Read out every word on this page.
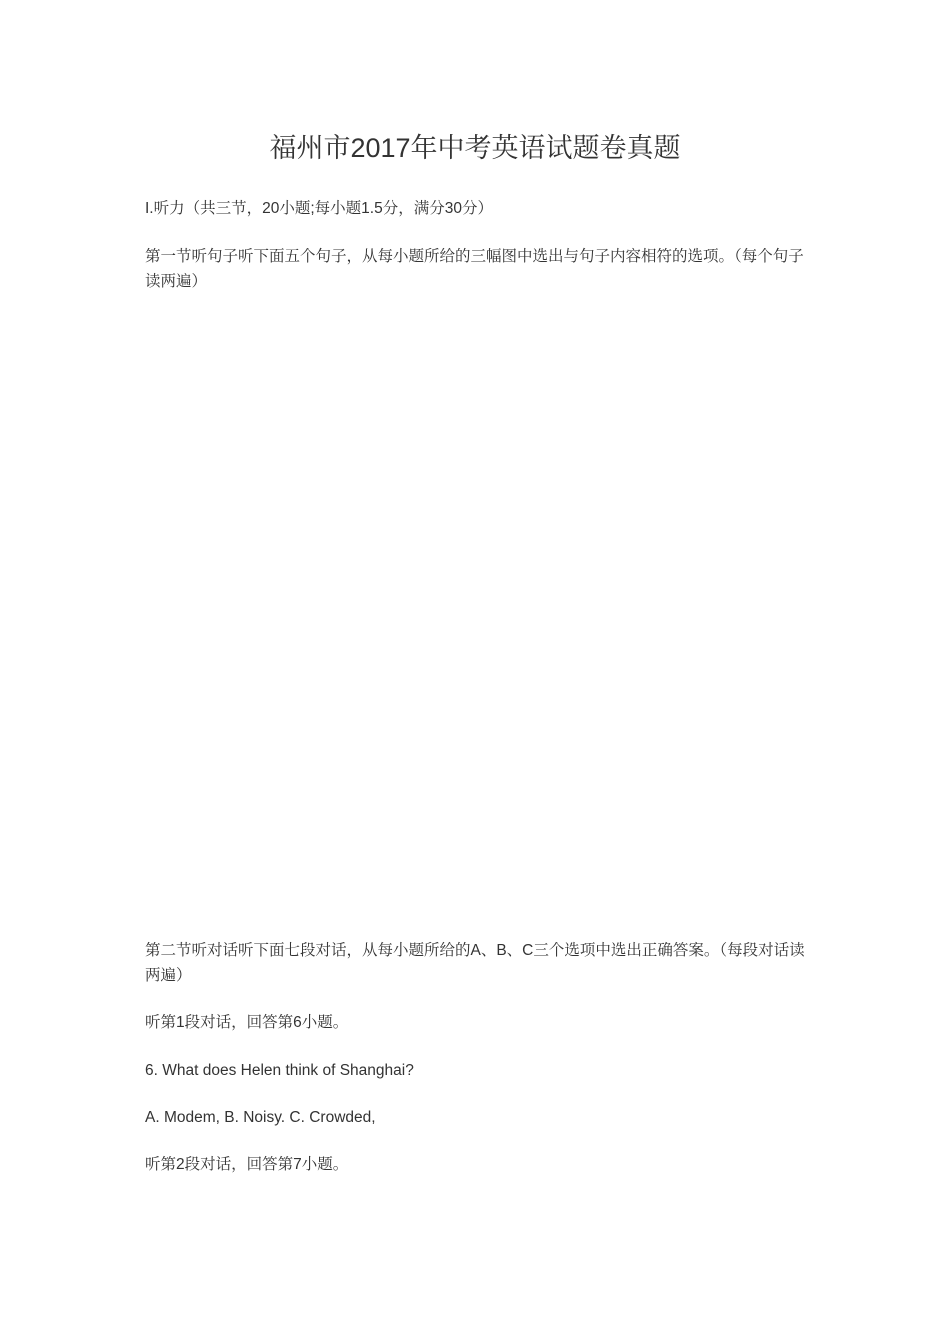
福州市2017年中考英语试题卷真题

I.听力（共三节，20小题;每小题1.5分，满分30分）

第一节听句子听下面五个句子，从每小题所给的三幅图中选出与句子内容相符的选项。（每个句子读两遍）

第二节听对话听下面七段对话，从每小题所给的A、B、C三个选项中选出正确答案。（每段对话读两遍）

听第1段对话，回答第6小题。

6. What does Helen think of Shanghai?

A. Modem, B. Noisy. C. Crowded,

听第2段对话，回答第7小题。
